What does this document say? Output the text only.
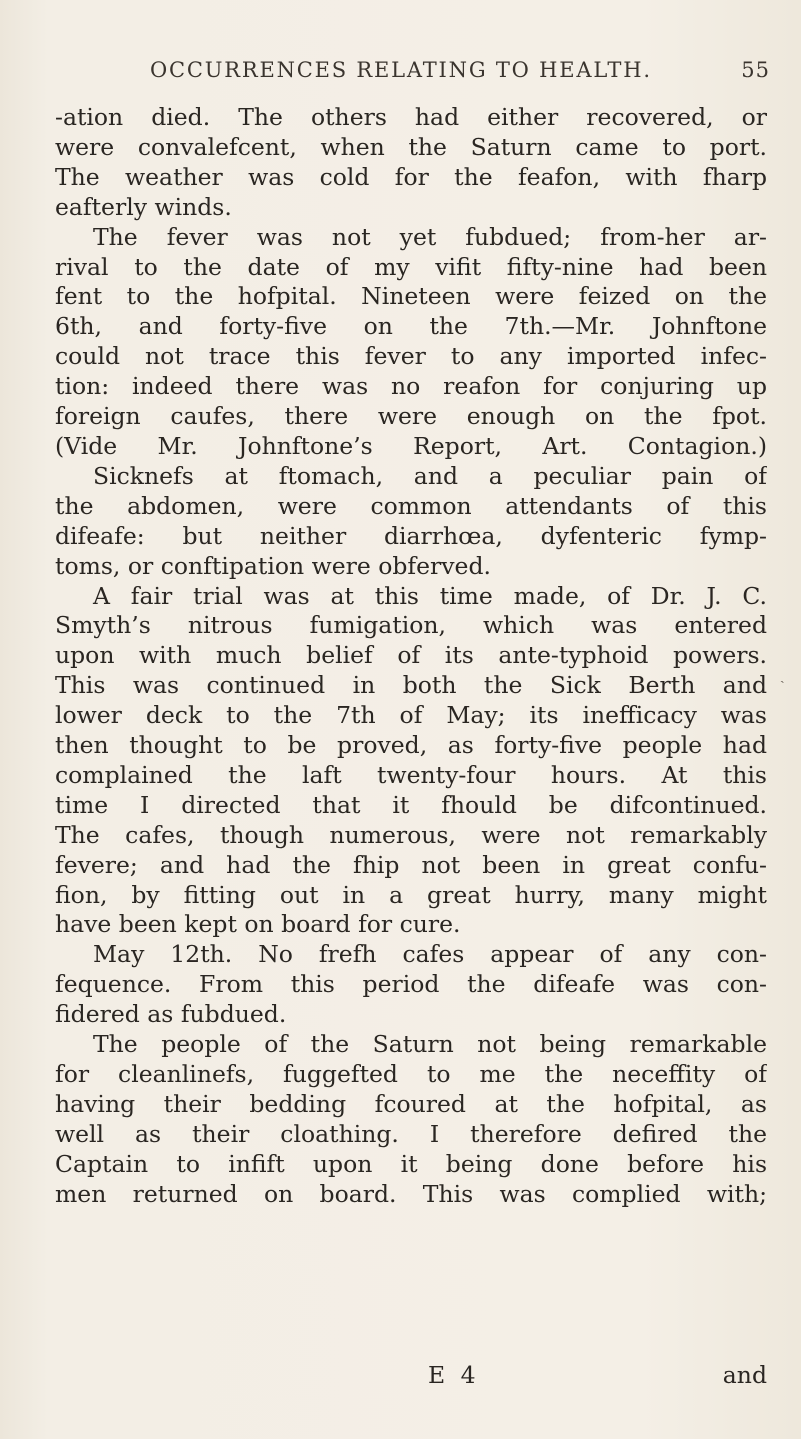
OCCURRENCES RELATING TO HEALTH.	55
-ation died. The others had either recovered, or
were convalefcent, when the Saturn came to port.
The weather was cold for the feafon, with fharp
eafterly winds.
The fever was not yet fubdued; from-her ar-
rival to the date of my vifit fifty-nine had been
fent to the hofpital. Nineteen were feized on the
6th, and forty-five on the 7th.—Mr. Johnftone
could not trace this fever to any imported infec-
tion: indeed there was no reafon for conjuring up
foreign caufes, there were enough on the fpot.
(Vide Mr. Johnftone’s Report, Art. Contagion.)
Sicknefs at ftomach, and a peculiar pain of
the abdomen, were common attendants of this
difeafe: but neither diarrhœa, dyfenteric fymp-
toms, or conftipation were obferved.
A fair trial was at this time made, of Dr. J. C.
Smyth’s nitrous fumigation, which was entered
upon with much belief of its ante-typhoid powers.
This was continued in both the Sick Berth and
lower deck to the 7th of May; its inefficacy was
then thought to be proved, as forty-five people had
complained the laft twenty-four hours. At this
time I directed that it fhould be difcontinued.
The cafes, though numerous, were not remarkably
fevere; and had the fhip not been in great confu-
fion, by fitting out in a great hurry, many might
have been kept on board for cure.
May 12th. No frefh cafes appear of any con-
fequence. From this period the difeafe was con-
fidered as fubdued.
The people of the Saturn not being remarkable
for cleanlinefs, fuggefted to me the neceffity of
having their bedding fcoured at the hofpital, as
well as their cloathing. I therefore defired the
Captain to infift upon it being done before his
men returned on board. This was complied with;
E 4	and
ˎ
